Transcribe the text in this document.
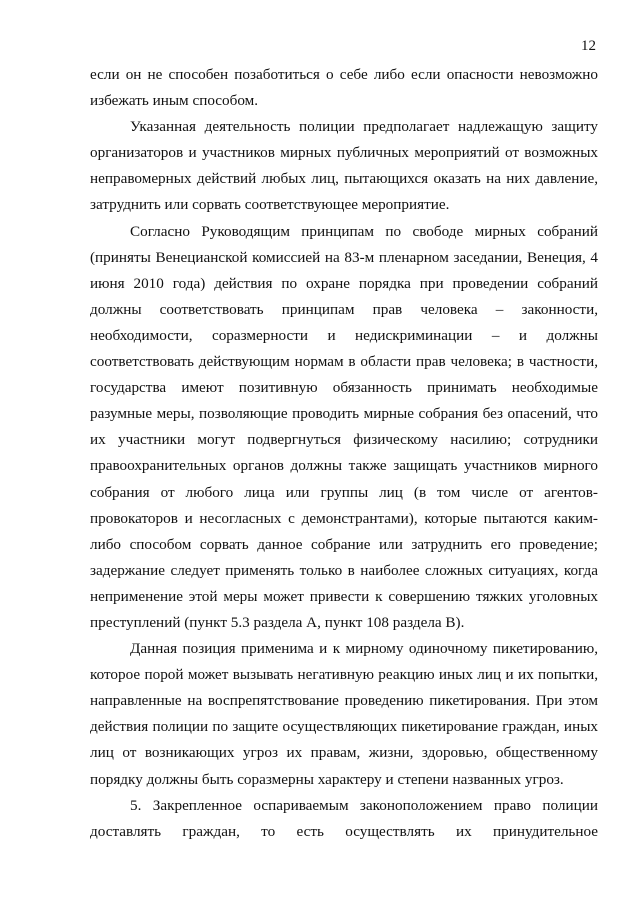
12
если он не способен позаботиться о себе либо если опасности невозможно
избежать иным способом.
Указанная деятельность полиции предполагает надлежащую защиту
организаторов и участников мирных публичных мероприятий от возможных
неправомерных действий любых лиц, пытающихся оказать на них давление,
затруднить или сорвать соответствующее мероприятие.
Согласно Руководящим принципам по свободе мирных собраний
(приняты Венецианской комиссией на 83-м пленарном заседании, Венеция, 4
июня 2010 года) действия по охране порядка при проведении собраний
должны соответствовать принципам прав человека – законности,
необходимости, соразмерности и недискриминации – и должны
соответствовать действующим нормам в области прав человека; в частности,
государства имеют позитивную обязанность принимать необходимые
разумные меры, позволяющие проводить мирные собрания без опасений, что
их участники могут подвергнуться физическому насилию; сотрудники
правоохранительных органов должны также защищать участников мирного
собрания от любого лица или группы лиц (в том числе от агентов-
провокаторов и несогласных с демонстрантами), которые пытаются каким-
либо способом сорвать данное собрание или затруднить его проведение;
задержание следует применять только в наиболее сложных ситуациях, когда
неприменение этой меры может привести к совершению тяжких уголовных
преступлений (пункт 5.3 раздела А, пункт 108 раздела В).
Данная позиция применима и к мирному одиночному пикетированию,
которое порой может вызывать негативную реакцию иных лиц и их попытки,
направленные на воспрепятствование проведению пикетирования. При этом
действия полиции по защите осуществляющих пикетирование граждан, иных
лиц от возникающих угроз их правам, жизни, здоровью, общественному
порядку должны быть соразмерны характеру и степени названных угроз.
5. Закрепленное оспариваемым законоположением право полиции
доставлять граждан, то есть осуществлять их принудительное
